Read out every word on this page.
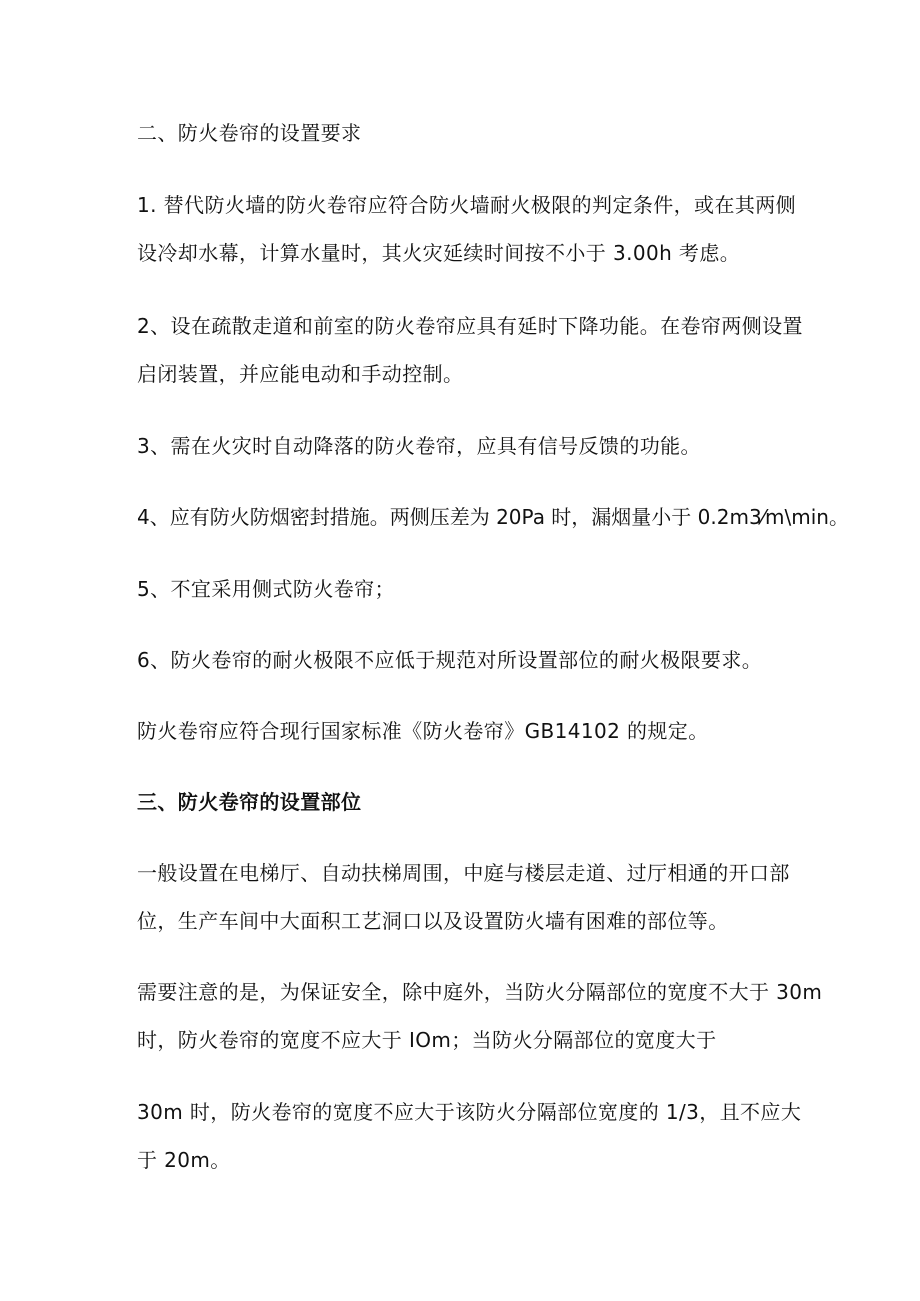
二、防火卷帘的设置要求
1. 替代防火墙的防火卷帘应符合防火墙耐火极限的判定条件，或在其两侧
设冷却水幕，计算水量时，其火灾延续时间按不小于 3.00h 考虑。
2、设在疏散走道和前室的防火卷帘应具有延时下降功能。在卷帘两侧设置
启闭装置，并应能电动和手动控制。
3、需在火灾时自动降落的防火卷帘，应具有信号反馈的功能。
4、应有防火防烟密封措施。两侧压差为 20Pa 时，漏烟量小于 0.2m3⁄m\min。
5、不宜采用侧式防火卷帘；
6、防火卷帘的耐火极限不应低于规范对所设置部位的耐火极限要求。
防火卷帘应符合现行国家标准《防火卷帘》GB14102 的规定。
三、防火卷帘的设置部位
一般设置在电梯厅、自动扶梯周围，中庭与楼层走道、过厅相通的开口部
位，生产车间中大面积工艺洞口以及设置防火墙有困难的部位等。
需要注意的是，为保证安全，除中庭外，当防火分隔部位的宽度不大于 30m
时，防火卷帘的宽度不应大于 IOm；当防火分隔部位的宽度大于
30m 时，防火卷帘的宽度不应大于该防火分隔部位宽度的 1/3，且不应大
于 20m。
